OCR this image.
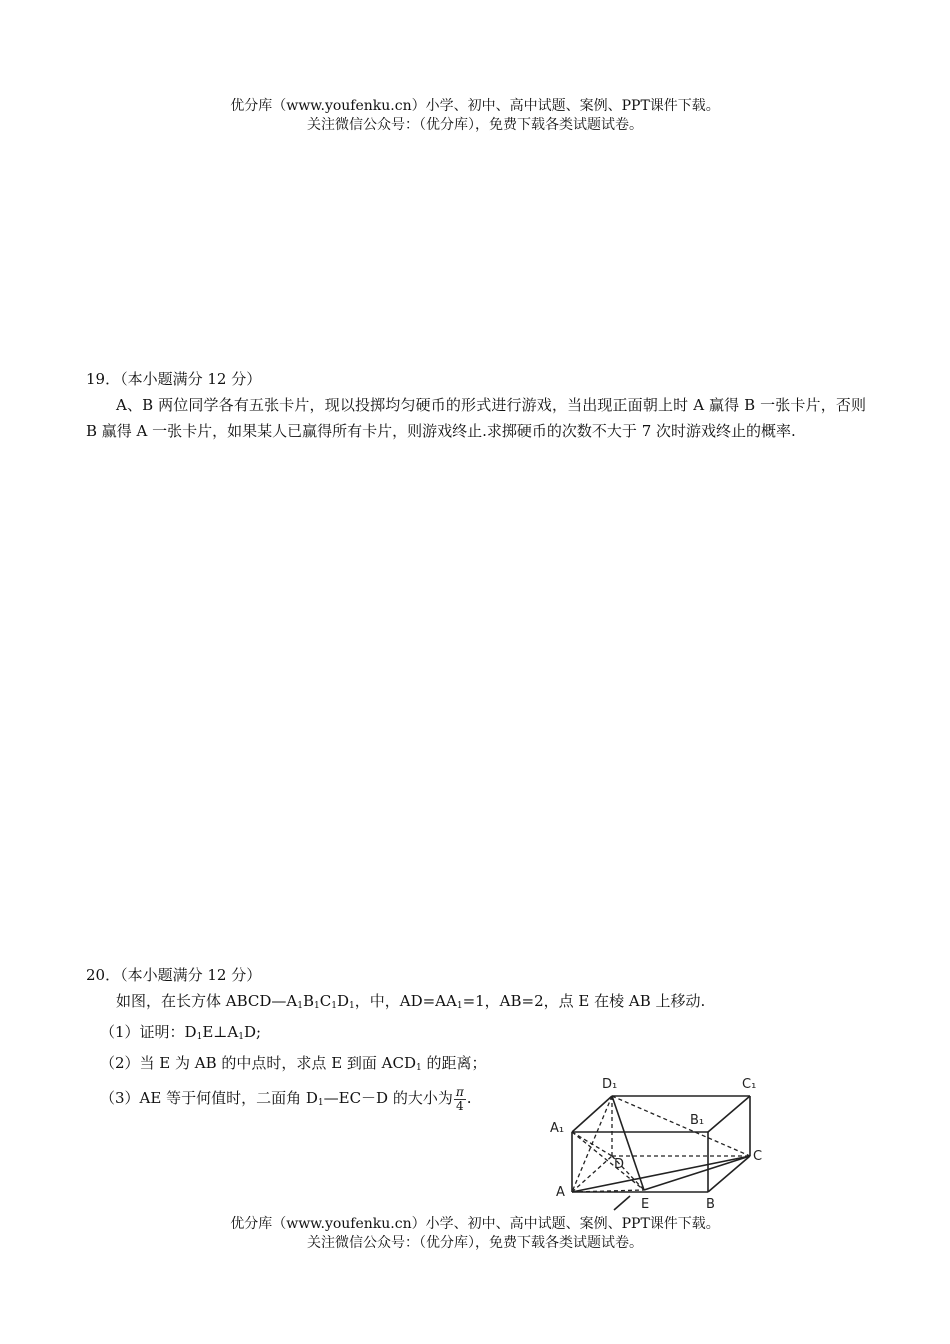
优分库（www.youfenku.cn）小学、初中、高中试题、案例、PPT课件下载。
关注微信公众号：（优分库），免费下载各类试题试卷。
19．（本小题满分 12 分）
A、B 两位同学各有五张卡片，现以投掷均匀硬币的形式进行游戏，当出现正面朝上时 A 赢得 B 一张卡片，否则 B 赢得 A 一张卡片，如果某人已赢得所有卡片，则游戏终止.求掷硬币的次数不大于 7 次时游戏终止的概率.
20．（本小题满分 12 分）
如图，在长方体 $ABCD—A_1B_1C_1D_1$，中，$AD=AA_1=1$，AB=2，点 E 在棱 AB 上移动.
（1）证明：$D_1E\perp A_1D$;
（2）当 E 为 AB 的中点时，求点 E 到面 $ACD_1$ 的距离；
（3）AE 等于何值时，二面角 $D_1—EC-D$ 的大小为 $\frac{\pi}{4}$ .
D₁	C₁
A₁
B₁
C
D
A
E	B
优分库（www.youfenku.cn）小学、初中、高中试题、案例、PPT课件下载。
关注微信公众号：（优分库），免费下载各类试题试卷。
